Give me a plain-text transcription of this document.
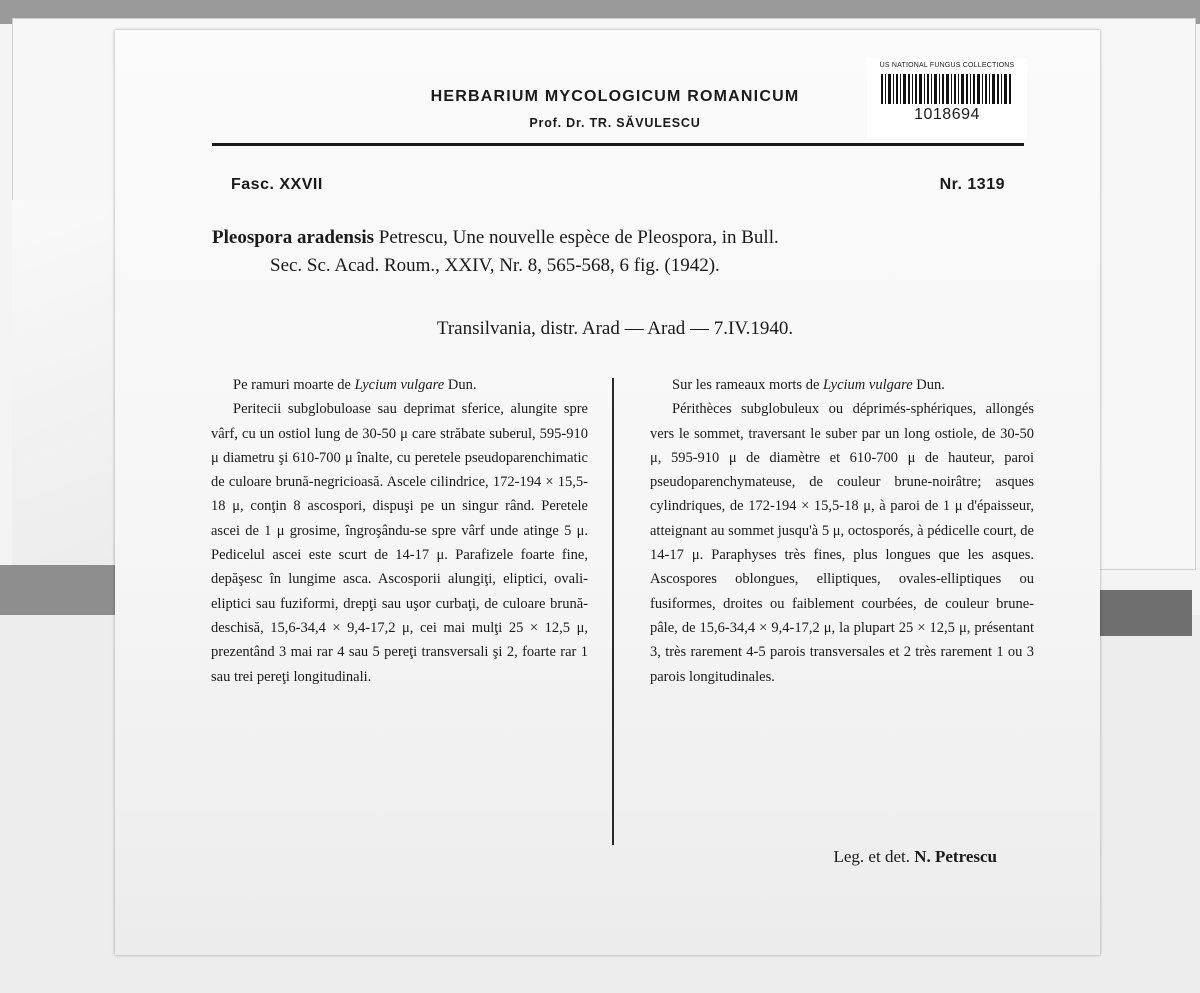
HERBARIUM MYCOLOGICUM ROMANICUM
Prof. Dr. TR. SĂVULESCU
US NATIONAL FUNGUS COLLECTIONS
1018694
Fasc. XXVII	Nr. 1319
Pleospora aradensis Petrescu, Une nouvelle espèce de Pleospora, in Bull.
Sec. Sc. Acad. Roum., XXIV, Nr. 8, 565-568, 6 fig. (1942).
Transilvania, distr. Arad — Arad — 7.IV.1940.

Pe ramuri moarte de Lycium vulgare Dun.

Peritecii subglobuloase sau deprimat sferice, alungite spre vârf, cu un ostiol lung de 30-50 μ care străbate suberul, 595-910 μ diametru şi 610-700 μ înalte, cu peretele pseudoparenchimatic de culoare brună-negricioasă. Ascele cilindrice, 172-194 × 15,5-18 μ, conţin 8 ascospori, dispuşi pe un singur rând. Peretele ascei de 1 μ grosime, îngroşându-se spre vârf unde atinge 5 μ. Pedicelul ascei este scurt de 14-17 μ. Parafizele foarte fine, depăşesc în lungime asca. Ascosporii alungiţi, eliptici, ovali-eliptici sau fuziformi, drepţi sau uşor curbaţi, de culoare brună-deschisă, 15,6-34,4 × 9,4-17,2 μ, cei mai mulţi 25 × 12,5 μ, prezentând 3 mai rar 4 sau 5 pereţi transversali şi 2, foarte rar 1 sau trei pereţi longitudinali.

Sur les rameaux morts de Lycium vulgare Dun.

Périthèces subglobuleux ou déprimés-sphériques, allongés vers le sommet, traversant le suber par un long ostiole, de 30-50 μ, 595-910 μ de diamètre et 610-700 μ de hauteur, paroi pseudoparenchymateuse, de couleur brune-noirâtre; asques cylindriques, de 172-194 × 15,5-18 μ, à paroi de 1 μ d'épaisseur, atteignant au sommet jusqu'à 5 μ, octosporés, à pédicelle court, de 14-17 μ. Paraphyses très fines, plus longues que les asques. Ascospores oblongues, elliptiques, ovales-elliptiques ou fusiformes, droites ou faiblement courbées, de couleur brune-pâle, de 15,6-34,4 × 9,4-17,2 μ, la plupart 25 × 12,5 μ, présentant 3, très rarement 4-5 parois transversales et 2 très rarement 1 ou 3 parois longitudinales.

Leg. et det. N. Petrescu
